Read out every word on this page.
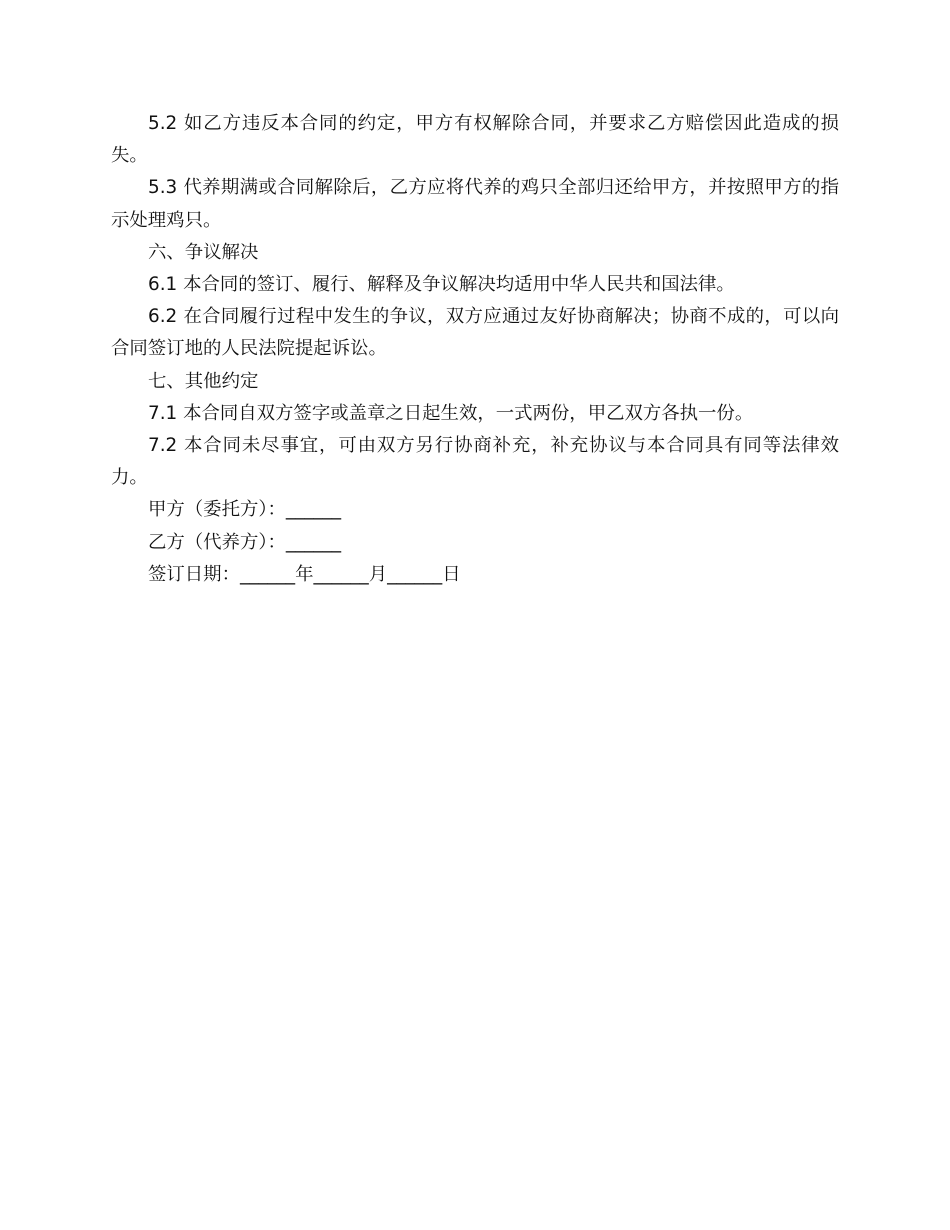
5.2 如乙方违反本合同的约定，甲方有权解除合同，并要求乙方赔偿因此造成的损失。

5.3 代养期满或合同解除后，乙方应将代养的鸡只全部归还给甲方，并按照甲方的指示处理鸡只。

六、争议解决

6.1 本合同的签订、履行、解释及争议解决均适用中华人民共和国法律。

6.2 在合同履行过程中发生的争议，双方应通过友好协商解决；协商不成的，可以向合同签订地的人民法院提起诉讼。

七、其他约定

7.1 本合同自双方签字或盖章之日起生效，一式两份，甲乙双方各执一份。

7.2 本合同未尽事宜，可由双方另行协商补充，补充协议与本合同具有同等法律效力。

甲方（委托方）：______

乙方（代养方）：______

签订日期：______年______月______日
